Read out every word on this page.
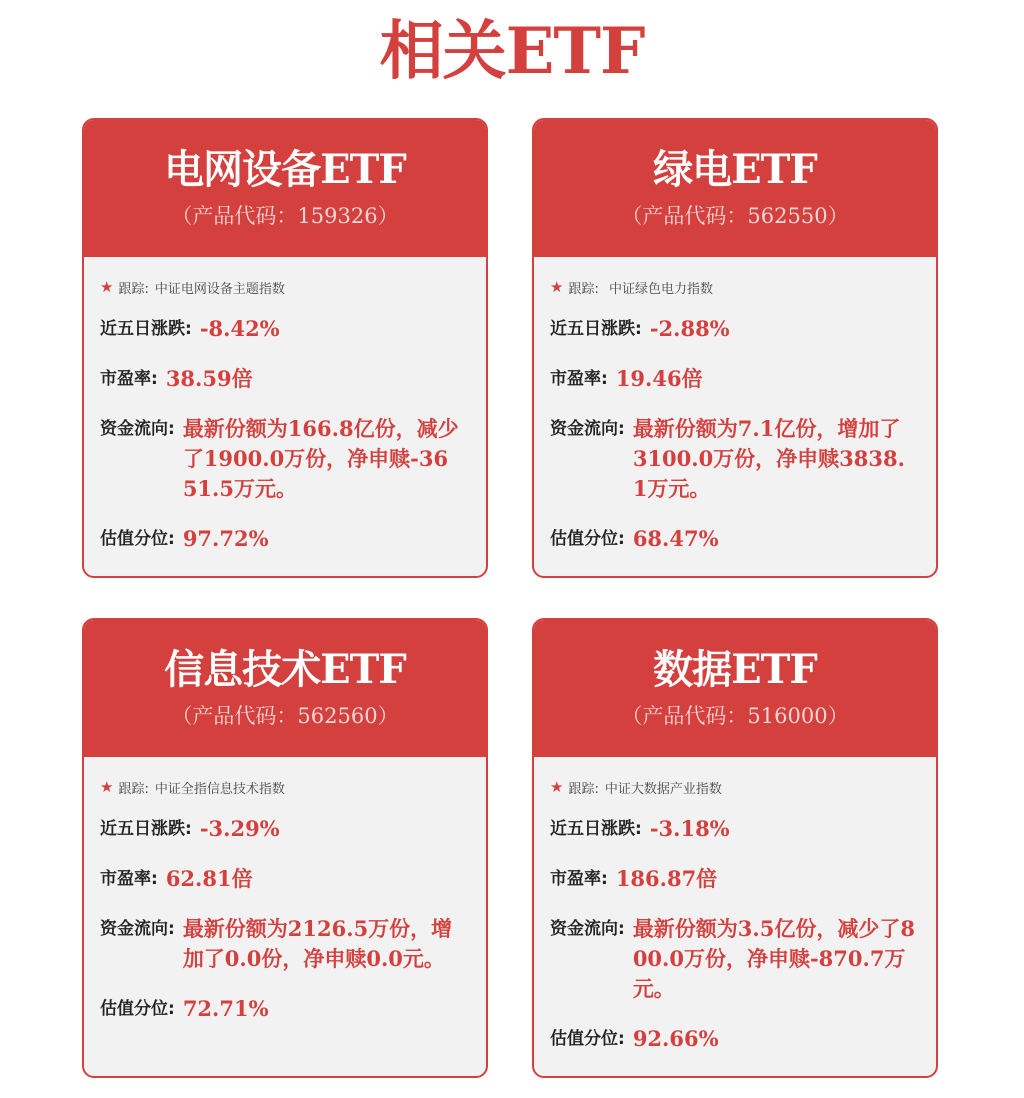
相关ETF
电网设备ETF
（产品代码：159326）
★ 跟踪: 中证电网设备主题指数
近五日涨跌: -8.42%
市盈率: 38.59倍
资金流向: 最新份额为166.8亿份，减少了1900.0万份，净申赎-3651.5万元。
估值分位: 97.72%
绿电ETF
（产品代码：562550）
★ 跟踪: 中证绿色电力指数
近五日涨跌: -2.88%
市盈率: 19.46倍
资金流向: 最新份额为7.1亿份，增加了3100.0万份，净申赎3838.1万元。
估值分位: 68.47%
信息技术ETF
（产品代码：562560）
★ 跟踪: 中证全指信息技术指数
近五日涨跌: -3.29%
市盈率: 62.81倍
资金流向: 最新份额为2126.5万份，增加了0.0份，净申赎0.0元。
估值分位: 72.71%
数据ETF
（产品代码：516000）
★ 跟踪: 中证大数据产业指数
近五日涨跌: -3.18%
市盈率: 186.87倍
资金流向: 最新份额为3.5亿份，减少了800.0万份，净申赎-870.7万元。
估值分位: 92.66%
